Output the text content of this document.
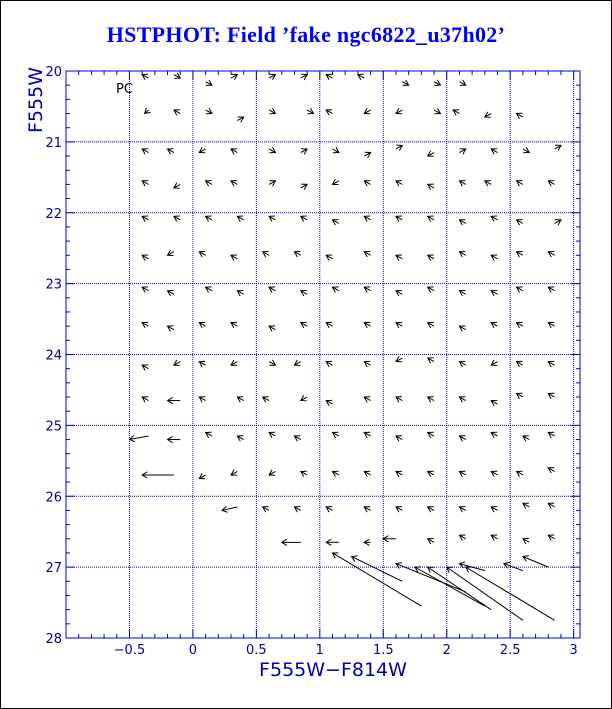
HSTPHOT: Field ’fake ngc6822_u37h02’
−0.5	0	0.5	1	1.5	2	2.5	3
20
21
22
23
24
25
26
27
28
PC
F555W−F814W
F555W
